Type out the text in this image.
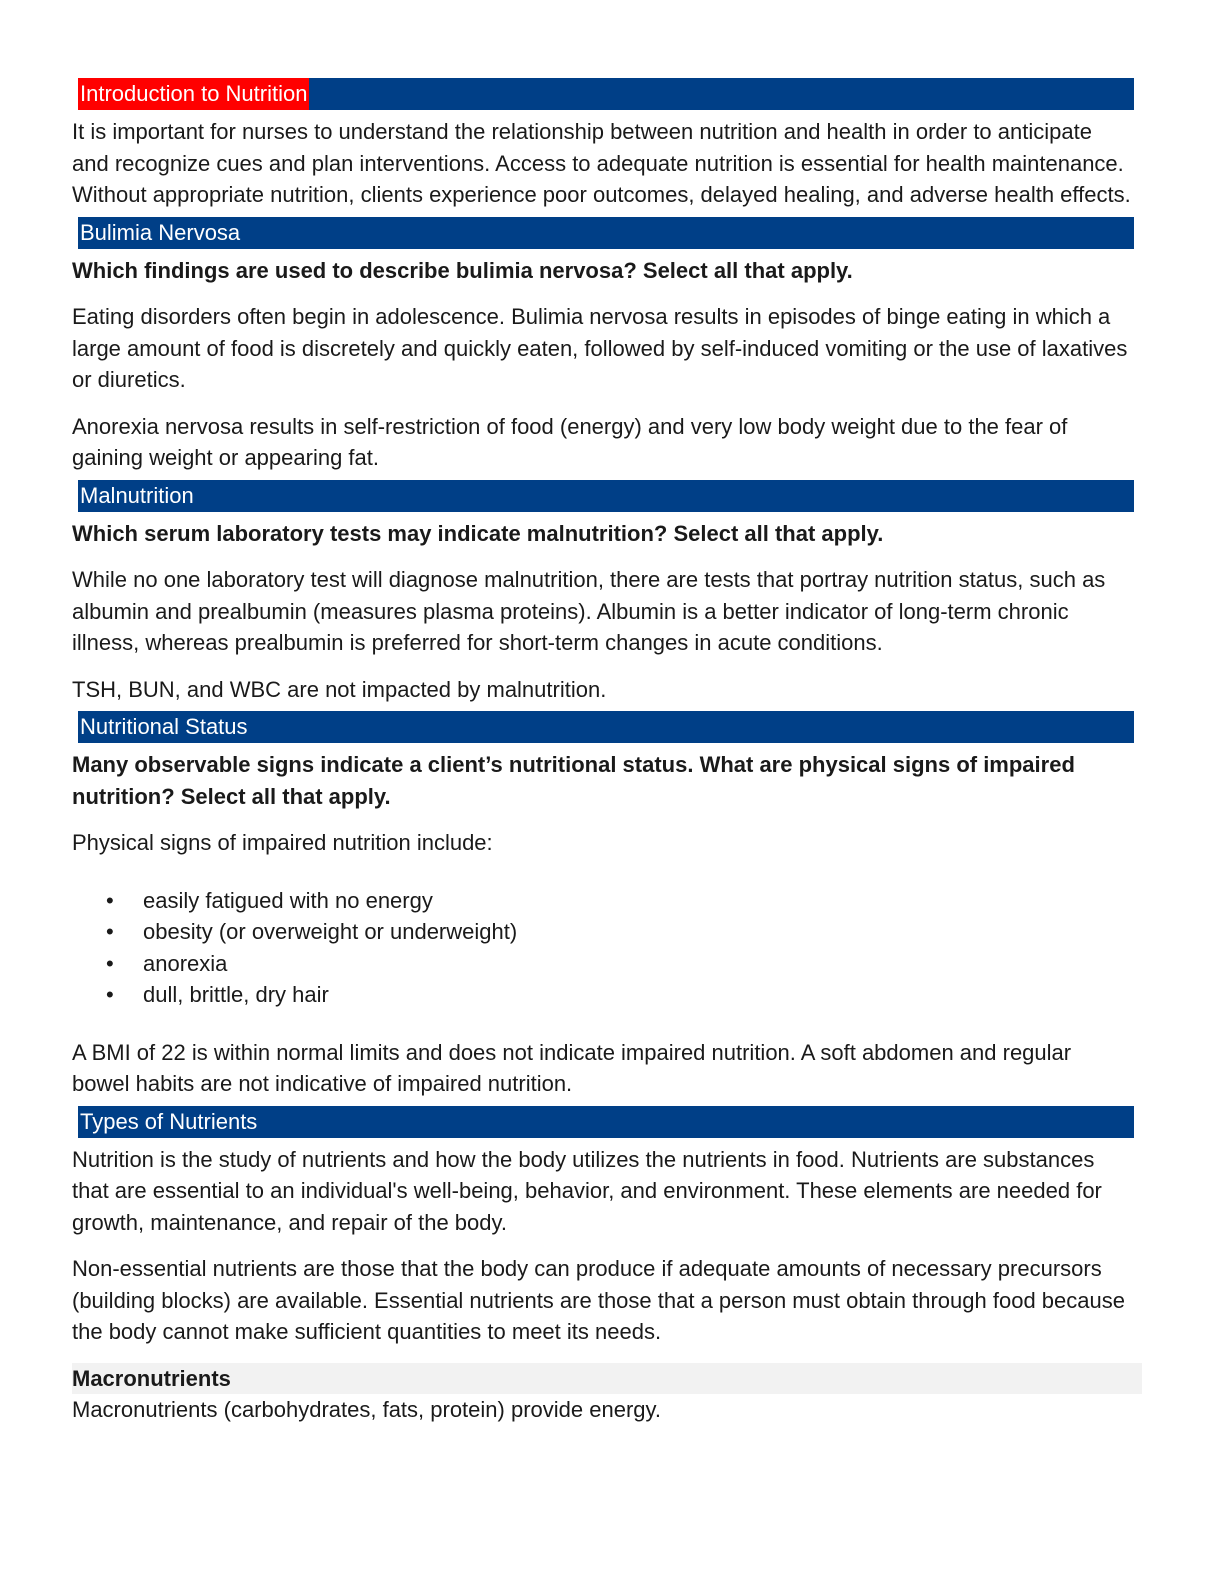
Introduction to Nutrition

It is important for nurses to understand the relationship between nutrition and health in order to anticipate and recognize cues and plan interventions. Access to adequate nutrition is essential for health maintenance. Without appropriate nutrition, clients experience poor outcomes, delayed healing, and adverse health effects.

Bulimia Nervosa

Which findings are used to describe bulimia nervosa? Select all that apply.

Eating disorders often begin in adolescence. Bulimia nervosa results in episodes of binge eating in which a large amount of food is discretely and quickly eaten, followed by self-induced vomiting or the use of laxatives or diuretics.

Anorexia nervosa results in self-restriction of food (energy) and very low body weight due to the fear of gaining weight or appearing fat.

Malnutrition

Which serum laboratory tests may indicate malnutrition? Select all that apply.

While no one laboratory test will diagnose malnutrition, there are tests that portray nutrition status, such as albumin and prealbumin (measures plasma proteins). Albumin is a better indicator of long-term chronic illness, whereas prealbumin is preferred for short-term changes in acute conditions.

TSH, BUN, and WBC are not impacted by malnutrition.

Nutritional Status

Many observable signs indicate a client’s nutritional status. What are physical signs of impaired nutrition? Select all that apply.

Physical signs of impaired nutrition include:

• easily fatigued with no energy
• obesity (or overweight or underweight)
• anorexia
• dull, brittle, dry hair

A BMI of 22 is within normal limits and does not indicate impaired nutrition. A soft abdomen and regular bowel habits are not indicative of impaired nutrition.

Types of Nutrients

Nutrition is the study of nutrients and how the body utilizes the nutrients in food. Nutrients are substances that are essential to an individual's well-being, behavior, and environment. These elements are needed for growth, maintenance, and repair of the body.

Non-essential nutrients are those that the body can produce if adequate amounts of necessary precursors (building blocks) are available. Essential nutrients are those that a person must obtain through food because the body cannot make sufficient quantities to meet its needs.

Macronutrients

Macronutrients (carbohydrates, fats, protein) provide energy.
